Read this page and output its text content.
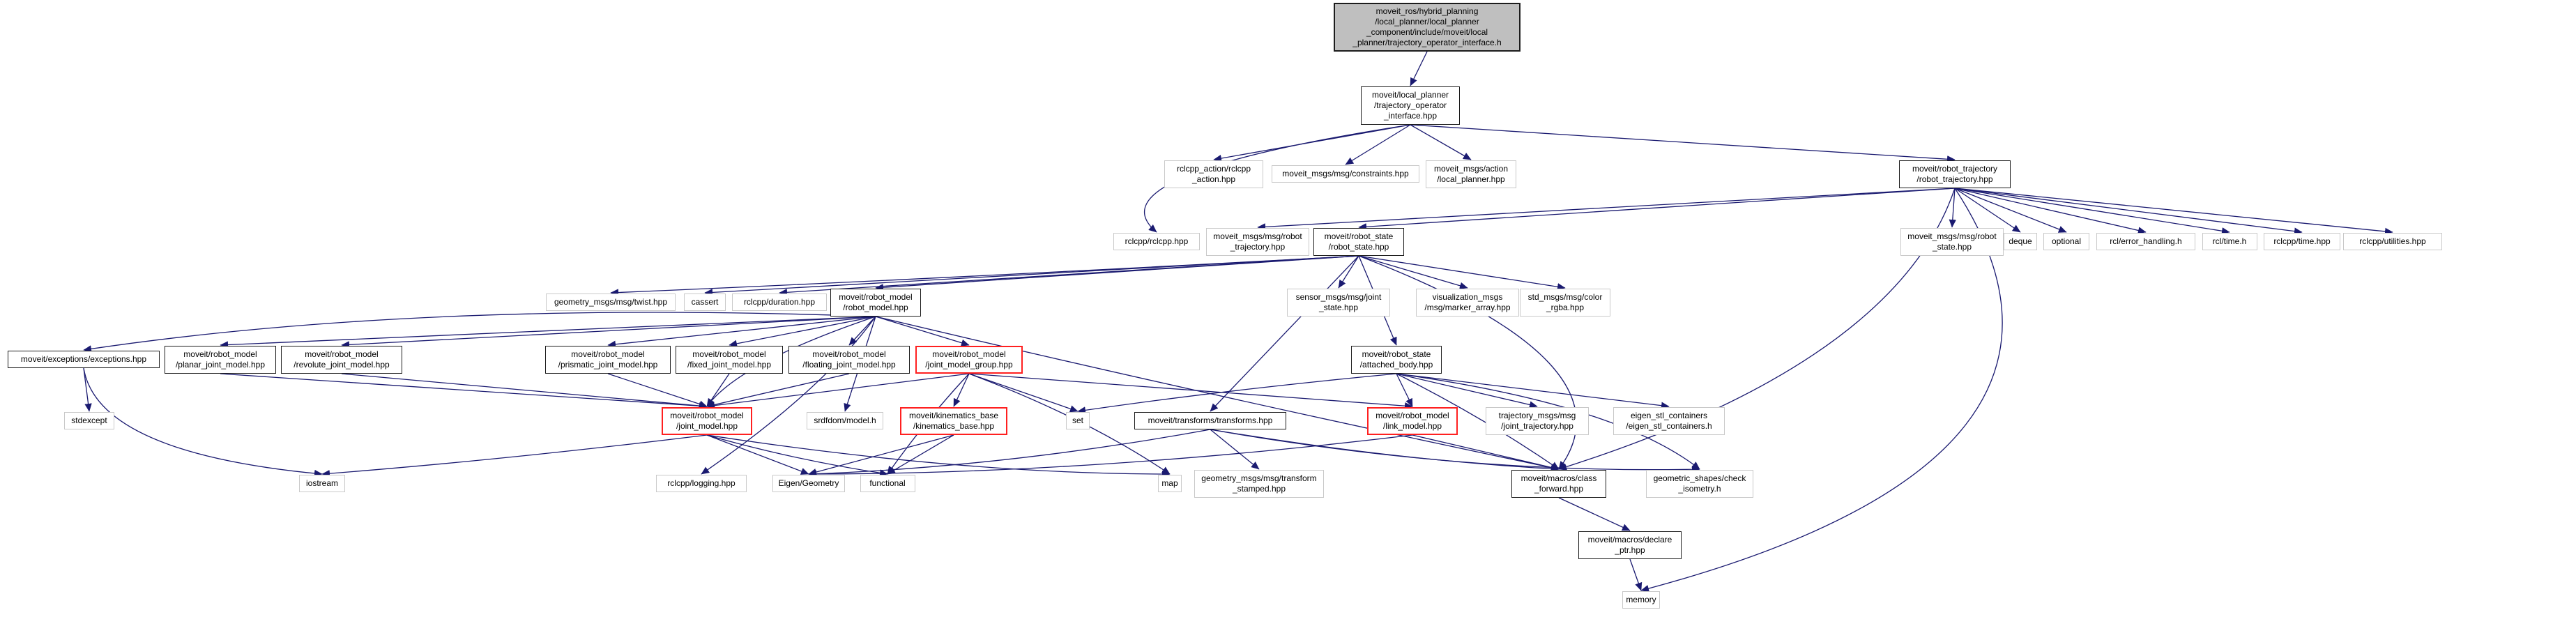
moveit_ros/hybrid_planning
/local_planner/local_planner
_component/include/moveit/local
_planner/trajectory_operator_interface.h
moveit/local_planner
/trajectory_operator
_interface.hpp
rclcpp_action/rclcpp
_action.hpp
moveit_msgs/msg/constraints.hpp	moveit_msgs/action
/local_planner.hpp
moveit/robot_trajectory
/robot_trajectory.hpp
rclcpp/rclcpp.hpp	moveit_msgs/msg/robot
_trajectory.hpp
moveit/robot_state
/robot_state.hpp
moveit_msgs/msg/robot
_state.hpp
deque	optional	rcl/error_handling.h	rcl/time.h	rclcpp/time.hpp	rclcpp/utilities.hpp
geometry_msgs/msg/twist.hpp	cassert	rclcpp/duration.hpp	moveit/robot_model
/robot_model.hpp
sensor_msgs/msg/joint
_state.hpp
visualization_msgs
/msg/marker_array.hpp
std_msgs/msg/color
_rgba.hpp
moveit/exceptions/exceptions.hpp	moveit/robot_model
/planar_joint_model.hpp
moveit/robot_model
/revolute_joint_model.hpp
moveit/robot_model
/prismatic_joint_model.hpp
moveit/robot_model
/fixed_joint_model.hpp
moveit/robot_model
/floating_joint_model.hpp
moveit/robot_model
/joint_model_group.hpp
moveit/robot_state
/attached_body.hpp
moveit/robot_model
/joint_model.hpp
srdfdom/model.h	moveit/kinematics_base
/kinematics_base.hpp
set	moveit/transforms/transforms.hpp	moveit/robot_model
/link_model.hpp
trajectory_msgs/msg
/joint_trajectory.hpp
eigen_stl_containers
/eigen_stl_containers.h
stdexcept
iostream	rclcpp/logging.hpp	Eigen/Geometry	functional	map	geometry_msgs/msg/transform
_stamped.hpp
moveit/macros/class
_forward.hpp
geometric_shapes/check
_isometry.h
moveit/macros/declare
_ptr.hpp
memory
